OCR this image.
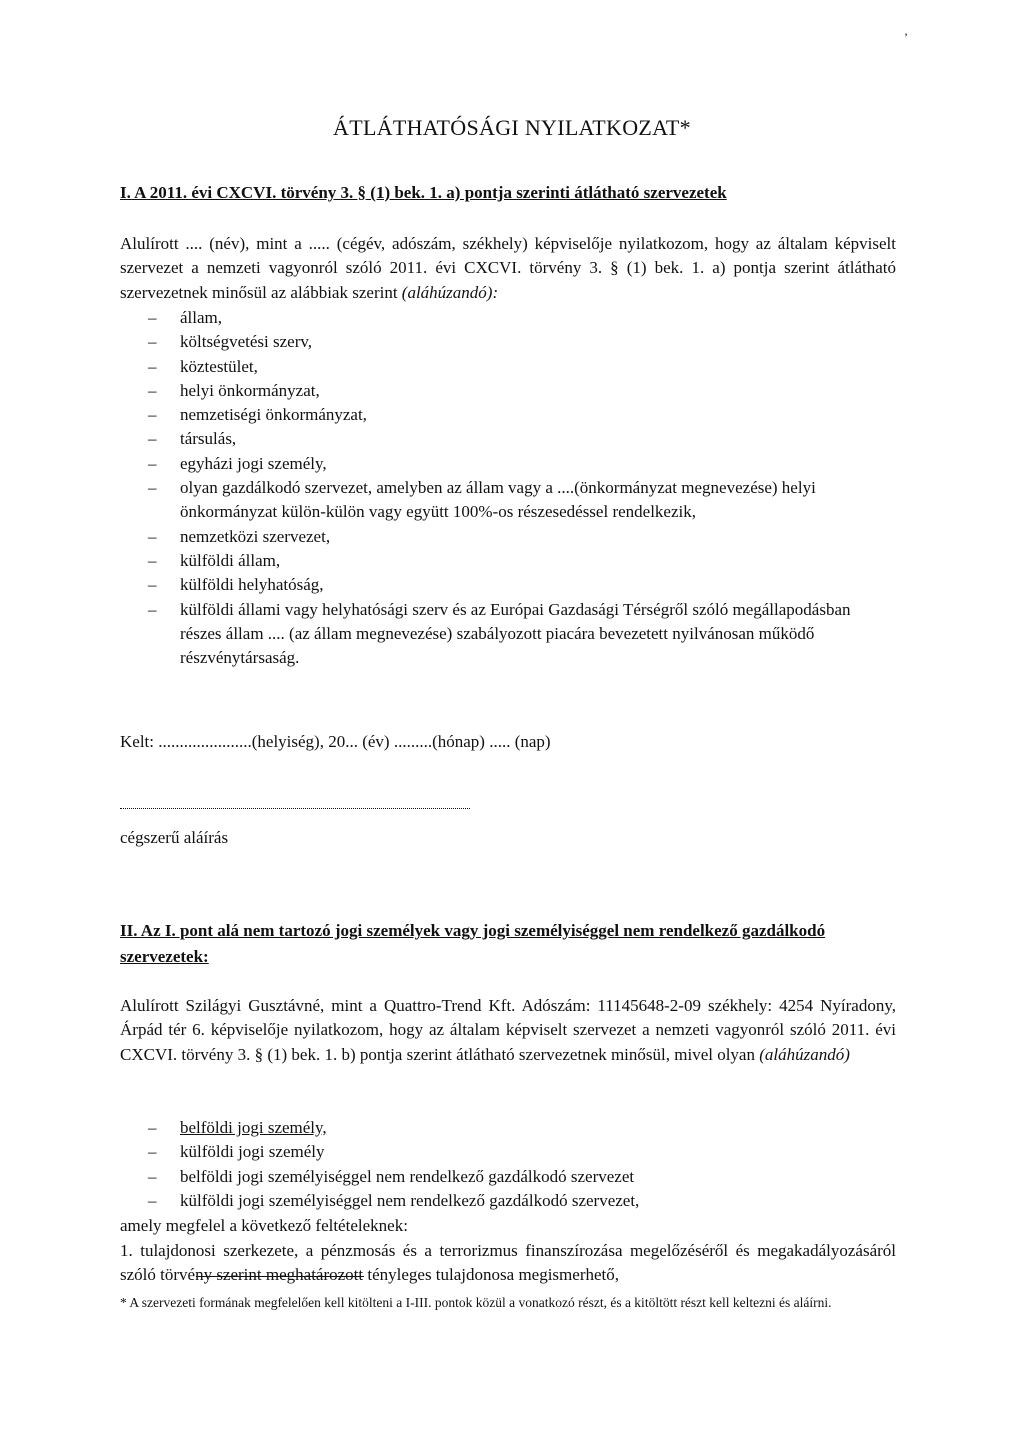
’
ÁTLÁTHATÓSÁGI NYILATKOZAT*
I. A 2011. évi CXCVI. törvény 3. § (1) bek. 1. a) pontja szerinti átlátható szervezetek
Alulírott .... (név), mint a ..... (cégév, adószám, székhely) képviselője nyilatkozom, hogy az általam képviselt szervezet a nemzeti vagyonról szóló 2011. évi CXCVI. törvény 3. § (1) bek. 1. a) pontja szerint átlátható szervezetnek minősül az alábbiak szerint (aláhúzandó):
– állam,
– költségvetési szerv,
– köztestület,
– helyi önkormányzat,
– nemzetiségi önkormányzat,
– társulás,
– egyházi jogi személy,
– olyan gazdálkodó szervezet, amelyben az állam vagy a ....(önkormányzat megnevezése) helyi önkormányzat külön-külön vagy együtt 100%-os részesedéssel rendelkezik,
– nemzetközi szervezet,
– külföldi állam,
– külföldi helyhatóság,
– külföldi állami vagy helyhatósági szerv és az Európai Gazdasági Térségről szóló megállapodásban részes állam .... (az állam megnevezése) szabályozott piacára bevezetett nyilvánosan működő részvénytársaság.
Kelt: ......................(helyiség), 20... (év) .........(hónap) ..... (nap)
cégszerű aláírás
II. Az I. pont alá nem tartozó jogi személyek vagy jogi személyiséggel nem rendelkező gazdálkodó szervezetek:
Alulírott Szilágyi Gusztávné, mint a Quattro-Trend Kft. Adószám: 11145648-2-09 székhely: 4254 Nyíradony, Árpád tér 6. képviselője nyilatkozom, hogy az általam képviselt szervezet a nemzeti vagyonról szóló 2011. évi CXCVI. törvény 3. § (1) bek. 1. b) pontja szerint átlátható szervezetnek minősül, mivel olyan (aláhúzandó)
– belföldi jogi személy,
– külföldi jogi személy
– belföldi jogi személyiséggel nem rendelkező gazdálkodó szervezet
– külföldi jogi személyiséggel nem rendelkező gazdálkodó szervezet,
amely megfelel a következő feltételeknek:
1. tulajdonosi szerkezete, a pénzmosás és a terrorizmus finanszírozása megelőzéséről és megakadályozásáról szóló törvény szerint meghatározott tényleges tulajdonosa megismerhető,
* A szervezeti formának megfelelően kell kitölteni a I-III. pontok közül a vonatkozó részt, és a kitöltött részt kell keltezni és aláírni.
